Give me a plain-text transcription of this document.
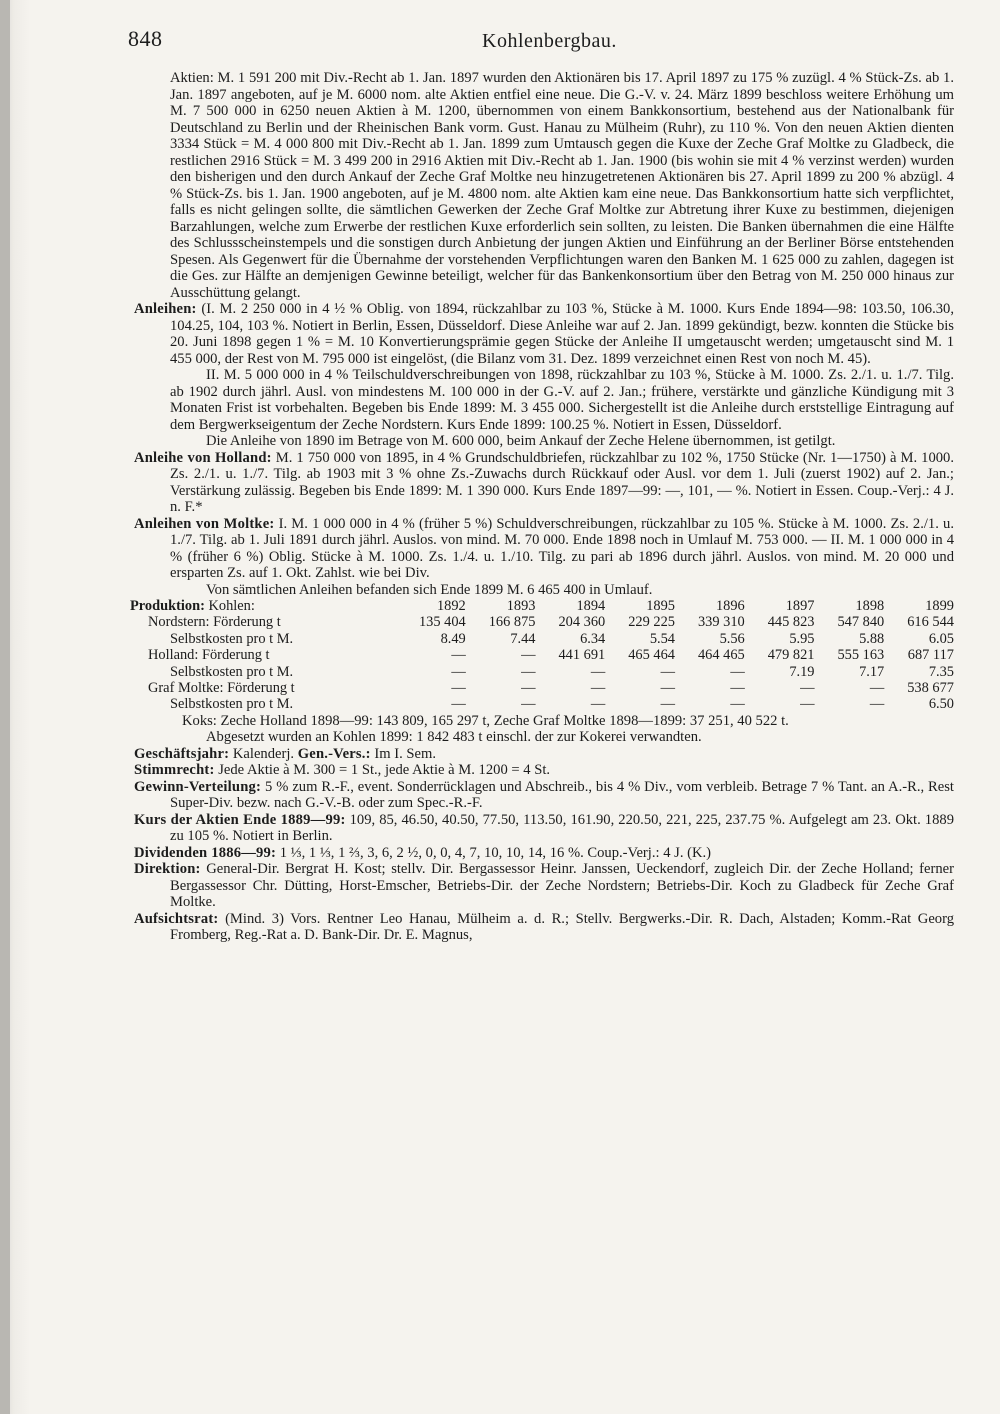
848	Kohlenbergbau.

Aktien: M. 1 591 200 mit Div.-Recht ab 1. Jan. 1897 wurden den Aktionären bis 17. April 1897 zu 175 % zuzügl. 4 % Stück-Zs. ab 1. Jan. 1897 angeboten, auf je M. 6000 nom. alte Aktien entfiel eine neue. Die G.-V. v. 24. März 1899 beschloss weitere Erhöhung um M. 7 500 000 in 6250 neuen Aktien à M. 1200, übernommen von einem Bankkonsortium, bestehend aus der Nationalbank für Deutschland zu Berlin und der Rheinischen Bank vorm. Gust. Hanau zu Mülheim (Ruhr), zu 110 %. Von den neuen Aktien dienten 3334 Stück = M. 4 000 800 mit Div.-Recht ab 1. Jan. 1899 zum Umtausch gegen die Kuxe der Zeche Graf Moltke zu Gladbeck, die restlichen 2916 Stück = M. 3 499 200 in 2916 Aktien mit Div.-Recht ab 1. Jan. 1900 (bis wohin sie mit 4 % verzinst werden) wurden den bisherigen und den durch Ankauf der Zeche Graf Moltke neu hinzugetretenen Aktionären bis 27. April 1899 zu 200 % abzügl. 4 % Stück-Zs. bis 1. Jan. 1900 angeboten, auf je M. 4800 nom. alte Aktien kam eine neue. Das Bankkonsortium hatte sich verpflichtet, falls es nicht gelingen sollte, die sämtlichen Gewerken der Zeche Graf Moltke zur Abtretung ihrer Kuxe zu bestimmen, diejenigen Barzahlungen, welche zum Erwerbe der restlichen Kuxe erforderlich sein sollten, zu leisten. Die Banken übernahmen die eine Hälfte des Schlussscheinstempels und die sonstigen durch Anbietung der jungen Aktien und Einführung an der Berliner Börse entstehenden Spesen. Als Gegenwert für die Übernahme der vorstehenden Verpflichtungen waren den Banken M. 1 625 000 zu zahlen, dagegen ist die Ges. zur Hälfte an demjenigen Gewinne beteiligt, welcher für das Bankenkonsortium über den Betrag von M. 250 000 hinaus zur Ausschüttung gelangt.

Anleihen: (I. M. 2 250 000 in 4 ½ % Oblig. von 1894, rückzahlbar zu 103 %, Stücke à M. 1000. Kurs Ende 1894—98: 103.50, 106.30, 104.25, 104, 103 %. Notiert in Berlin, Essen, Düsseldorf. Diese Anleihe war auf 2. Jan. 1899 gekündigt, bezw. konnten die Stücke bis 20. Juni 1898 gegen 1 % = M. 10 Konvertierungsprämie gegen Stücke der Anleihe II umgetauscht werden; umgetauscht sind M. 1 455 000, der Rest von M. 795 000 ist eingelöst, (die Bilanz vom 31. Dez. 1899 verzeichnet einen Rest von noch M. 45).

II. M. 5 000 000 in 4 % Teilschuldverschreibungen von 1898, rückzahlbar zu 103 %, Stücke à M. 1000. Zs. 2./1. u. 1./7. Tilg. ab 1902 durch jährl. Ausl. von mindestens M. 100 000 in der G.-V. auf 2. Jan.; frühere, verstärkte und gänzliche Kündigung mit 3 Monaten Frist ist vorbehalten. Begeben bis Ende 1899: M. 3 455 000. Sichergestellt ist die Anleihe durch erststellige Eintragung auf dem Bergwerkseigentum der Zeche Nordstern. Kurs Ende 1899: 100.25 %. Notiert in Essen, Düsseldorf.

Die Anleihe von 1890 im Betrage von M. 600 000, beim Ankauf der Zeche Helene übernommen, ist getilgt.

Anleihe von Holland: M. 1 750 000 von 1895, in 4 % Grundschuldbriefen, rückzahlbar zu 102 %, 1750 Stücke (Nr. 1—1750) à M. 1000. Zs. 2./1. u. 1./7. Tilg. ab 1903 mit 3 % ohne Zs.-Zuwachs durch Rückkauf oder Ausl. vor dem 1. Juli (zuerst 1902) auf 2. Jan.; Verstärkung zulässig. Begeben bis Ende 1899: M. 1 390 000. Kurs Ende 1897—99: —, 101, — %. Notiert in Essen. Coup.-Verj.: 4 J. n. F.*

Anleihen von Moltke: I. M. 1 000 000 in 4 % (früher 5 %) Schuldverschreibungen, rückzahlbar zu 105 %. Stücke à M. 1000. Zs. 2./1. u. 1./7. Tilg. ab 1. Juli 1891 durch jährl. Auslos. von mind. M. 70 000. Ende 1898 noch in Umlauf M. 753 000. — II. M. 1 000 000 in 4 % (früher 6 %) Oblig. Stücke à M. 1000. Zs. 1./4. u. 1./10. Tilg. zu pari ab 1896 durch jährl. Auslos. von mind. M. 20 000 und ersparten Zs. auf 1. Okt. Zahlst. wie bei Div.

Von sämtlichen Anleihen befanden sich Ende 1899 M. 6 465 400 in Umlauf.

Produktion: Kohlen:	1892	1893	1894	1895	1896	1897	1898	1899
Nordstern: Förderung t	135 404	166 875	204 360	229 225	339 310	445 823	547 840	616 544
Selbstkosten pro t M.	8.49	7.44	6.34	5.54	5.56	5.95	5.88	6.05
Holland: Förderung t	—	—	441 691	465 464	464 465	479 821	555 163	687 117
Selbstkosten pro t M.	—	—	—	—	—	7.19	7.17	7.35
Graf Moltke: Förderung t	—	—	—	—	—	—	—	538 677
Selbstkosten pro t M.	—	—	—	—	—	—	—	6.50

Koks: Zeche Holland 1898—99: 143 809, 165 297 t, Zeche Graf Moltke 1898—1899: 37 251, 40 522 t.

Abgesetzt wurden an Kohlen 1899: 1 842 483 t einschl. der zur Kokerei verwandten.

Geschäftsjahr: Kalenderj. Gen.-Vers.: Im I. Sem.

Stimmrecht: Jede Aktie à M. 300 = 1 St., jede Aktie à M. 1200 = 4 St.

Gewinn-Verteilung: 5 % zum R.-F., event. Sonderrücklagen und Abschreib., bis 4 % Div., vom verbleib. Betrage 7 % Tant. an A.-R., Rest Super-Div. bezw. nach G.-V.-B. oder zum Spec.-R.-F.

Kurs der Aktien Ende 1889—99: 109, 85, 46.50, 40.50, 77.50, 113.50, 161.90, 220.50, 221, 225, 237.75 %. Aufgelegt am 23. Okt. 1889 zu 105 %. Notiert in Berlin.

Dividenden 1886—99: 1 ⅓, 1 ⅓, 1 ⅔, 3, 6, 2 ½, 0, 0, 4, 7, 10, 10, 14, 16 %. Coup.-Verj.: 4 J. (K.)

Direktion: General-Dir. Bergrat H. Kost; stellv. Dir. Bergassessor Heinr. Janssen, Ueckendorf, zugleich Dir. der Zeche Holland; ferner Bergassessor Chr. Dütting, Horst-Emscher, Betriebs-Dir. der Zeche Nordstern; Betriebs-Dir. Koch zu Gladbeck für Zeche Graf Moltke.

Aufsichtsrat: (Mind. 3) Vors. Rentner Leo Hanau, Mülheim a. d. R.; Stellv. Bergwerks.-Dir. R. Dach, Alstaden; Komm.-Rat Georg Fromberg, Reg.-Rat a. D. Bank-Dir. Dr. E. Magnus,
